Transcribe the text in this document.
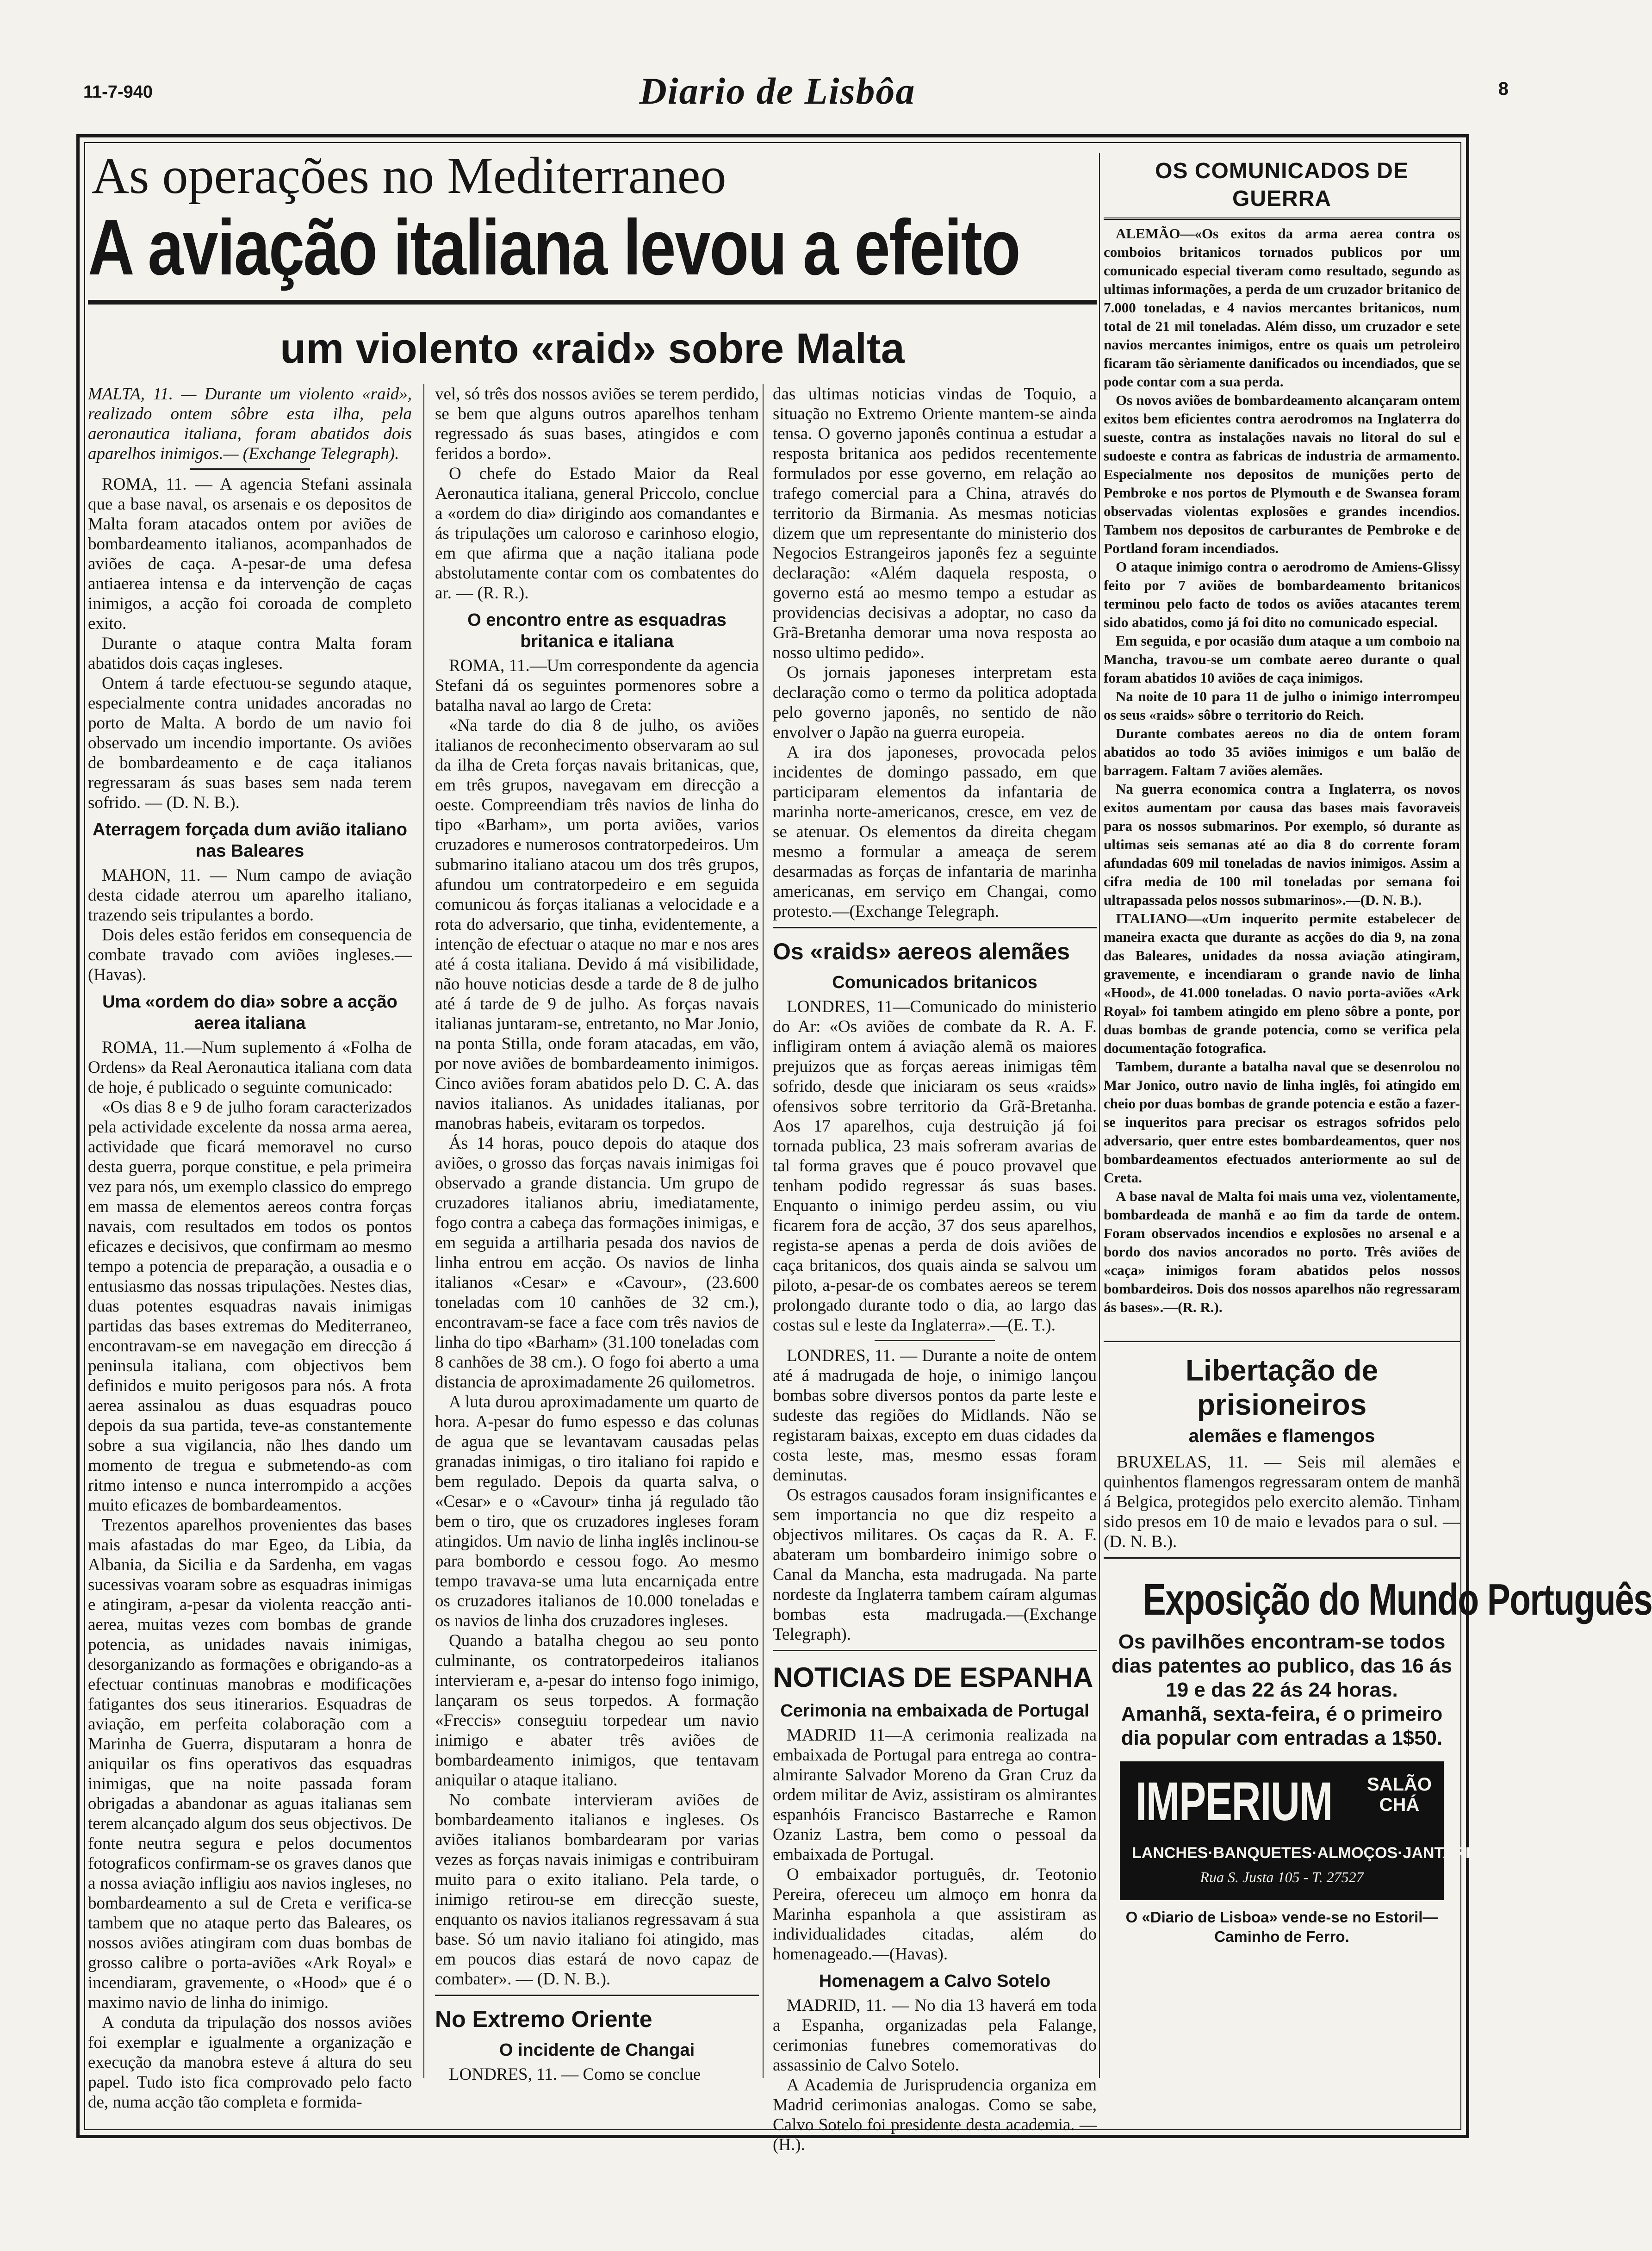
11-7-940	Diario de Lisbôa	8
As operações no Mediterraneo
A aviação italiana levou a efeito
um violento «raid» sobre Malta

MALTA, 11. — Durante um violento «raid», realizado ontem sôbre esta ilha, pela aeronautica italiana, foram abatidos dois aparelhos inimigos.— (Exchange Telegraph).

ROMA, 11. — A agencia Stefani assinala que a base naval, os arsenais e os depositos de Malta foram atacados ontem por aviões de bombardeamento italianos, acompanhados de aviões de caça. A-pesar-de uma defesa antiaerea intensa e da intervenção de caças inimigos, a acção foi coroada de completo exito.

Durante o ataque contra Malta foram abatidos dois caças ingleses.

Ontem á tarde efectuou-se segundo ataque, especialmente contra unidades ancoradas no porto de Malta. A bordo de um navio foi observado um incendio importante. Os aviões de bombardeamento e de caça italianos regressaram ás suas bases sem nada terem sofrido. — (D. N. B.).

Aterragem forçada dum avião italiano nas Baleares

MAHON, 11. — Num campo de aviação desta cidade aterrou um aparelho italiano, trazendo seis tripulantes a bordo.

Dois deles estão feridos em consequencia de combate travado com aviões ingleses.—(Havas).

Uma «ordem do dia» sobre a acção aerea italiana

ROMA, 11.—Num suplemento á «Folha de Ordens» da Real Aeronautica italiana com data de hoje, é publicado o seguinte comunicado:

«Os dias 8 e 9 de julho foram caracterizados pela actividade excelente da nossa arma aerea, actividade que ficará memoravel no curso desta guerra, porque constitue, e pela primeira vez para nós, um exemplo classico do emprego em massa de elementos aereos contra forças navais, com resultados em todos os pontos eficazes e decisivos, que confirmam ao mesmo tempo a potencia de preparação, a ousadia e o entusiasmo das nossas tripulações. Nestes dias, duas potentes esquadras navais inimigas partidas das bases extremas do Mediterraneo, encontravam-se em navegação em direcção á peninsula italiana, com objectivos bem definidos e muito perigosos para nós. A frota aerea assinalou as duas esquadras pouco depois da sua partida, teve-as constantemente sobre a sua vigilancia, não lhes dando um momento de tregua e submetendo-as com ritmo intenso e nunca interrompido a acções muito eficazes de bombardeamentos.

Trezentos aparelhos provenientes das bases mais afastadas do mar Egeo, da Libia, da Albania, da Sicilia e da Sardenha, em vagas sucessivas voaram sobre as esquadras inimigas e atingiram, a-pesar da violenta reacção anti-aerea, muitas vezes com bombas de grande potencia, as unidades navais inimigas, desorganizando as formações e obrigando-as a efectuar continuas manobras e modificações fatigantes dos seus itinerarios. Esquadras de aviação, em perfeita colaboração com a Marinha de Guerra, disputaram a honra de aniquilar os fins operativos das esquadras inimigas, que na noite passada foram obrigadas a abandonar as aguas italianas sem terem alcançado algum dos seus objectivos. De fonte neutra segura e pelos documentos fotograficos confirmam-se os graves danos que a nossa aviação infligiu aos navios ingleses, no bombardeamento a sul de Creta e verifica-se tambem que no ataque perto das Baleares, os nossos aviões atingiram com duas bombas de grosso calibre o porta-aviões «Ark Royal» e incendiaram, gravemente, o «Hood» que é o maximo navio de linha do inimigo.

A conduta da tripulação dos nossos aviões foi exemplar e igualmente a organização e execução da manobra esteve á altura do seu papel. Tudo isto fica comprovado pelo facto de, numa acção tão completa e formida-

vel, só três dos nossos aviões se terem perdido, se bem que alguns outros aparelhos tenham regressado ás suas bases, atingidos e com feridos a bordo».

O chefe do Estado Maior da Real Aeronautica italiana, general Priccolo, conclue a «ordem do dia» dirigindo aos comandantes e ás tripulações um caloroso e carinhoso elogio, em que afirma que a nação italiana pode abstolutamente contar com os combatentes do ar. — (R. R.).

O encontro entre as esquadras britanica e italiana

ROMA, 11.—Um correspondente da agencia Stefani dá os seguintes pormenores sobre a batalha naval ao largo de Creta:

«Na tarde do dia 8 de julho, os aviões italianos de reconhecimento observaram ao sul da ilha de Creta forças navais britanicas, que, em três grupos, navegavam em direcção a oeste. Compreendiam três navios de linha do tipo «Barham», um porta aviões, varios cruzadores e numerosos contratorpedeiros. Um submarino italiano atacou um dos três grupos, afundou um contratorpedeiro e em seguida comunicou ás forças italianas a velocidade e a rota do adversario, que tinha, evidentemente, a intenção de efectuar o ataque no mar e nos ares até á costa italiana. Devido á má visibilidade, não houve noticias desde a tarde de 8 de julho até á tarde de 9 de julho. As forças navais italianas juntaram-se, entretanto, no Mar Jonio, na ponta Stilla, onde foram atacadas, em vão, por nove aviões de bombardeamento inimigos. Cinco aviões foram abatidos pelo D. C. A. das navios italianos. As unidades italianas, por manobras habeis, evitaram os torpedos.

Ás 14 horas, pouco depois do ataque dos aviões, o grosso das forças navais inimigas foi observado a grande distancia. Um grupo de cruzadores italianos abriu, imediatamente, fogo contra a cabeça das formações inimigas, e em seguida a artilharia pesada dos navios de linha entrou em acção. Os navios de linha italianos «Cesar» e «Cavour», (23.600 toneladas com 10 canhões de 32 cm.), encontravam-se face a face com três navios de linha do tipo «Barham» (31.100 toneladas com 8 canhões de 38 cm.). O fogo foi aberto a uma distancia de aproximadamente 26 quilometros.

A luta durou aproximadamente um quarto de hora. A-pesar do fumo espesso e das colunas de agua que se levantavam causadas pelas granadas inimigas, o tiro italiano foi rapido e bem regulado. Depois da quarta salva, o «Cesar» e o «Cavour» tinha já regulado tão bem o tiro, que os cruzadores ingleses foram atingidos. Um navio de linha inglês inclinou-se para bombordo e cessou fogo. Ao mesmo tempo travava-se uma luta encarniçada entre os cruzadores italianos de 10.000 toneladas e os navios de linha dos cruzadores ingleses.

Quando a batalha chegou ao seu ponto culminante, os contratorpedeiros italianos intervieram e, a-pesar do intenso fogo inimigo, lançaram os seus torpedos. A formação «Freccis» conseguiu torpedear um navio inimigo e abater três aviões de bombardeamento inimigos, que tentavam aniquilar o ataque italiano.

No combate intervieram aviões de bombardeamento italianos e ingleses. Os aviões italianos bombardearam por varias vezes as forças navais inimigas e contribuiram muito para o exito italiano. Pela tarde, o inimigo retirou-se em direcção sueste, enquanto os navios italianos regressavam á sua base. Só um navio italiano foi atingido, mas em poucos dias estará de novo capaz de combater». — (D. N. B.).

No Extremo Oriente
O incidente de Changai

LONDRES, 11. — Como se conclue

das ultimas noticias vindas de Toquio, a situação no Extremo Oriente mantem-se ainda tensa. O governo japonês continua a estudar a resposta britanica aos pedidos recentemente formulados por esse governo, em relação ao trafego comercial para a China, através do territorio da Birmania. As mesmas noticias dizem que um representante do ministerio dos Negocios Estrangeiros japonês fez a seguinte declaração: «Além daquela resposta, o governo está ao mesmo tempo a estudar as providencias decisivas a adoptar, no caso da Grã-Bretanha demorar uma nova resposta ao nosso ultimo pedido».

Os jornais japoneses interpretam esta declaração como o termo da politica adoptada pelo governo japonês, no sentido de não envolver o Japão na guerra europeia.

A ira dos japoneses, provocada pelos incidentes de domingo passado, em que participaram elementos da infantaria de marinha norte-americanos, cresce, em vez de se atenuar. Os elementos da direita chegam mesmo a formular a ameaça de serem desarmadas as forças de infantaria de marinha americanas, em serviço em Changai, como protesto.—(Exchange Telegraph.

Os «raids» aereos alemães
Comunicados britanicos

LONDRES, 11—Comunicado do ministerio do Ar: «Os aviões de combate da R. A. F. infligiram ontem á aviação alemã os maiores prejuizos que as forças aereas inimigas têm sofrido, desde que iniciaram os seus «raids» ofensivos sobre territorio da Grã-Bretanha. Aos 17 aparelhos, cuja destruição já foi tornada publica, 23 mais sofreram avarias de tal forma graves que é pouco provavel que tenham podido regressar ás suas bases. Enquanto o inimigo perdeu assim, ou viu ficarem fora de acção, 37 dos seus aparelhos, regista-se apenas a perda de dois aviões de caça britanicos, dos quais ainda se salvou um piloto, a-pesar-de os combates aereos se terem prolongado durante todo o dia, ao largo das costas sul e leste da Inglaterra».—(E. T.).

LONDRES, 11. — Durante a noite de ontem até á madrugada de hoje, o inimigo lançou bombas sobre diversos pontos da parte leste e sudeste das regiões do Midlands. Não se registaram baixas, excepto em duas cidades da costa leste, mas, mesmo essas foram deminutas.

Os estragos causados foram insignificantes e sem importancia no que diz respeito a objectivos militares. Os caças da R. A. F. abateram um bombardeiro inimigo sobre o Canal da Mancha, esta madrugada. Na parte nordeste da Inglaterra tambem caíram algumas bombas esta madrugada.—(Exchange Telegraph).

NOTICIAS DE ESPANHA
Cerimonia na embaixada de Portugal

MADRID 11—A cerimonia realizada na embaixada de Portugal para entrega ao contra-almirante Salvador Moreno da Gran Cruz da ordem militar de Aviz, assistiram os almirantes espanhóis Francisco Bastarreche e Ramon Ozaniz Lastra, bem como o pessoal da embaixada de Portugal.

O embaixador português, dr. Teotonio Pereira, ofereceu um almoço em honra da Marinha espanhola a que assistiram as individualidades citadas, além do homenageado.—(Havas).

Homenagem a Calvo Sotelo

MADRID, 11. — No dia 13 haverá em toda a Espanha, organizadas pela Falange, cerimonias funebres comemorativas do assassinio de Calvo Sotelo.

A Academia de Jurisprudencia organiza em Madrid cerimonias analogas. Como se sabe, Calvo Sotelo foi presidente desta academia. — (H.).

OS COMUNICADOS DE GUERRA

ALEMÃO—«Os exitos da arma aerea contra os comboios britanicos tornados publicos por um comunicado especial tiveram como resultado, segundo as ultimas informações, a perda de um cruzador britanico de 7.000 toneladas, e 4 navios mercantes britanicos, num total de 21 mil toneladas. Além disso, um cruzador e sete navios mercantes inimigos, entre os quais um petroleiro ficaram tão sèriamente danificados ou incendiados, que se pode contar com a sua perda.

Os novos aviões de bombardeamento alcançaram ontem exitos bem eficientes contra aerodromos na Inglaterra do sueste, contra as instalações navais no litoral do sul e sudoeste e contra as fabricas de industria de armamento. Especialmente nos depositos de munições perto de Pembroke e nos portos de Plymouth e de Swansea foram observadas violentas explosões e grandes incendios. Tambem nos depositos de carburantes de Pembroke e de Portland foram incendiados.

O ataque inimigo contra o aerodromo de Amiens-Glissy feito por 7 aviões de bombardeamento britanicos terminou pelo facto de todos os aviões atacantes terem sido abatidos, como já foi dito no comunicado especial.

Em seguida, e por ocasião dum ataque a um comboio na Mancha, travou-se um combate aereo durante o qual foram abatidos 10 aviões de caça inimigos.

Na noite de 10 para 11 de julho o inimigo interrompeu os seus «raids» sôbre o territorio do Reich.

Durante combates aereos no dia de ontem foram abatidos ao todo 35 aviões inimigos e um balão de barragem. Faltam 7 aviões alemães.

Na guerra economica contra a Inglaterra, os novos exitos aumentam por causa das bases mais favoraveis para os nossos submarinos. Por exemplo, só durante as ultimas seis semanas até ao dia 8 do corrente foram afundadas 609 mil toneladas de navios inimigos. Assim a cifra media de 100 mil toneladas por semana foi ultrapassada pelos nossos submarinos».—(D. N. B.).

ITALIANO—«Um inquerito permite estabelecer de maneira exacta que durante as acções do dia 9, na zona das Baleares, unidades da nossa aviação atingiram, gravemente, e incendiaram o grande navio de linha «Hood», de 41.000 toneladas. O navio porta-aviões «Ark Royal» foi tambem atingido em pleno sôbre a ponte, por duas bombas de grande potencia, como se verifica pela documentação fotografica.

Tambem, durante a batalha naval que se desenrolou no Mar Jonico, outro navio de linha inglês, foi atingido em cheio por duas bombas de grande potencia e estão a fazer-se inqueritos para precisar os estragos sofridos pelo adversario, quer entre estes bombardeamentos, quer nos bombardeamentos efectuados anteriormente ao sul de Creta.

A base naval de Malta foi mais uma vez, violentamente, bombardeada de manhã e ao fim da tarde de ontem. Foram observados incendios e explosões no arsenal e a bordo dos navios ancorados no porto. Três aviões de «caça» inimigos foram abatidos pelos nossos bombardeiros. Dois dos nossos aparelhos não regressaram ás bases».—(R. R.).

Libertação de prisioneiros
alemães e flamengos

BRUXELAS, 11. — Seis mil alemães e quinhentos flamengos regressaram ontem de manhã á Belgica, protegidos pelo exercito alemão. Tinham sido presos em 10 de maio e levados para o sul. —(D. N. B.).

Exposição do Mundo Português

Os pavilhões encontram-se todos dias patentes ao publico, das 16 ás 19 e das 22 ás 24 horas.

Amanhã, sexta-feira, é o primeiro dia popular com entradas a 1$50.

IMPERIUM SALÃO
CHÁ
LANCHES·BANQUETES·ALMOÇOS·JANTARES
Rua S. Justa 105 - T. 27527

O «Diario de Lisboa» vende-se no Estoril—Caminho de Ferro.
